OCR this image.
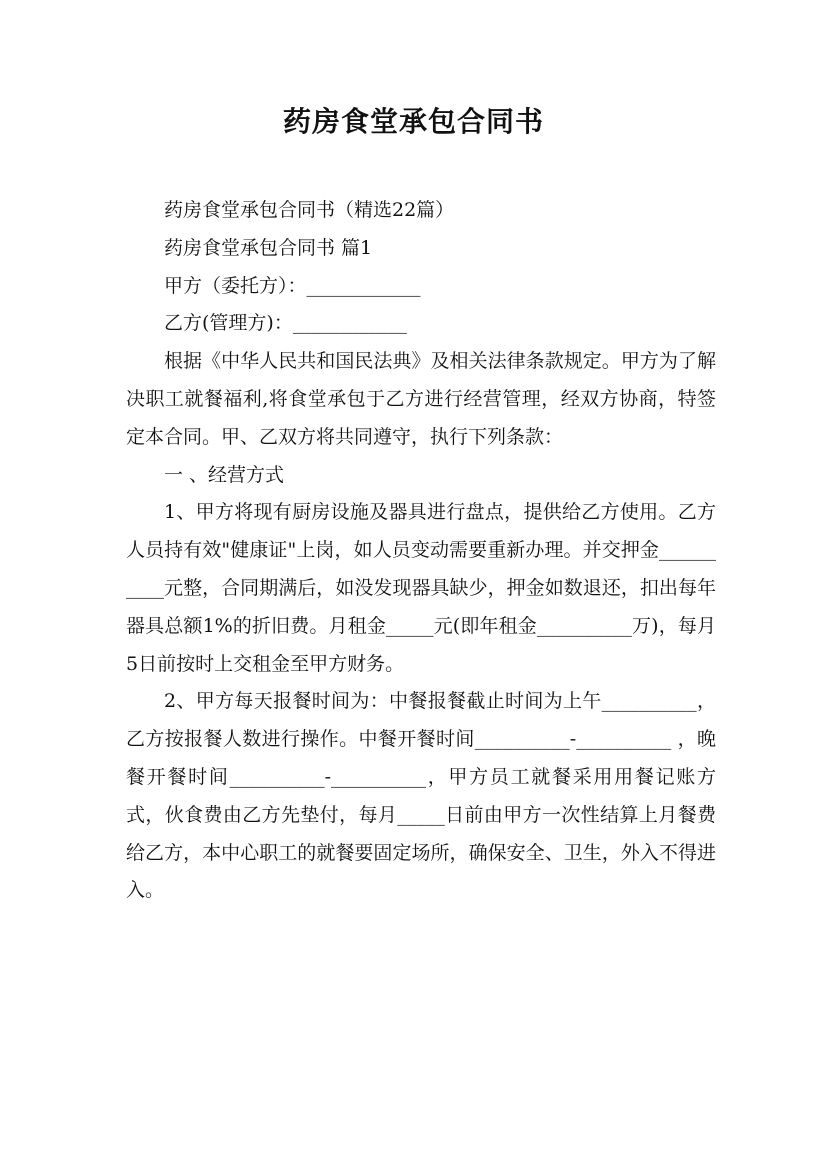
药房食堂承包合同书

药房食堂承包合同书（精选22篇）

药房食堂承包合同书 篇1

甲方（委托方）：____________

乙方(管理方)：____________

根据《中华人民共和国民法典》及相关法律条款规定。甲方为了解决职工就餐福利,将食堂承包于乙方进行经营管理，经双方协商，特签定本合同。甲、乙双方将共同遵守，执行下列条款：

一 、经营方式

1、甲方将现有厨房设施及器具进行盘点，提供给乙方使用。乙方人员持有效"健康证"上岗，如人员变动需要重新办理。并交押金__________元整，合同期满后，如没发现器具缺少，押金如数退还，扣出每年器具总额1%的折旧费。月租金_____元(即年租金__________万)，每月5日前按时上交租金至甲方财务。

2、甲方每天报餐时间为：中餐报餐截止时间为上午__________，乙方按报餐人数进行操作。中餐开餐时间__________-__________ ，晚餐开餐时间__________-__________，甲方员工就餐采用用餐记账方式，伙食费由乙方先垫付，每月_____日前由甲方一次性结算上月餐费给乙方，本中心职工的就餐要固定场所，确保安全、卫生，外入不得进入。
